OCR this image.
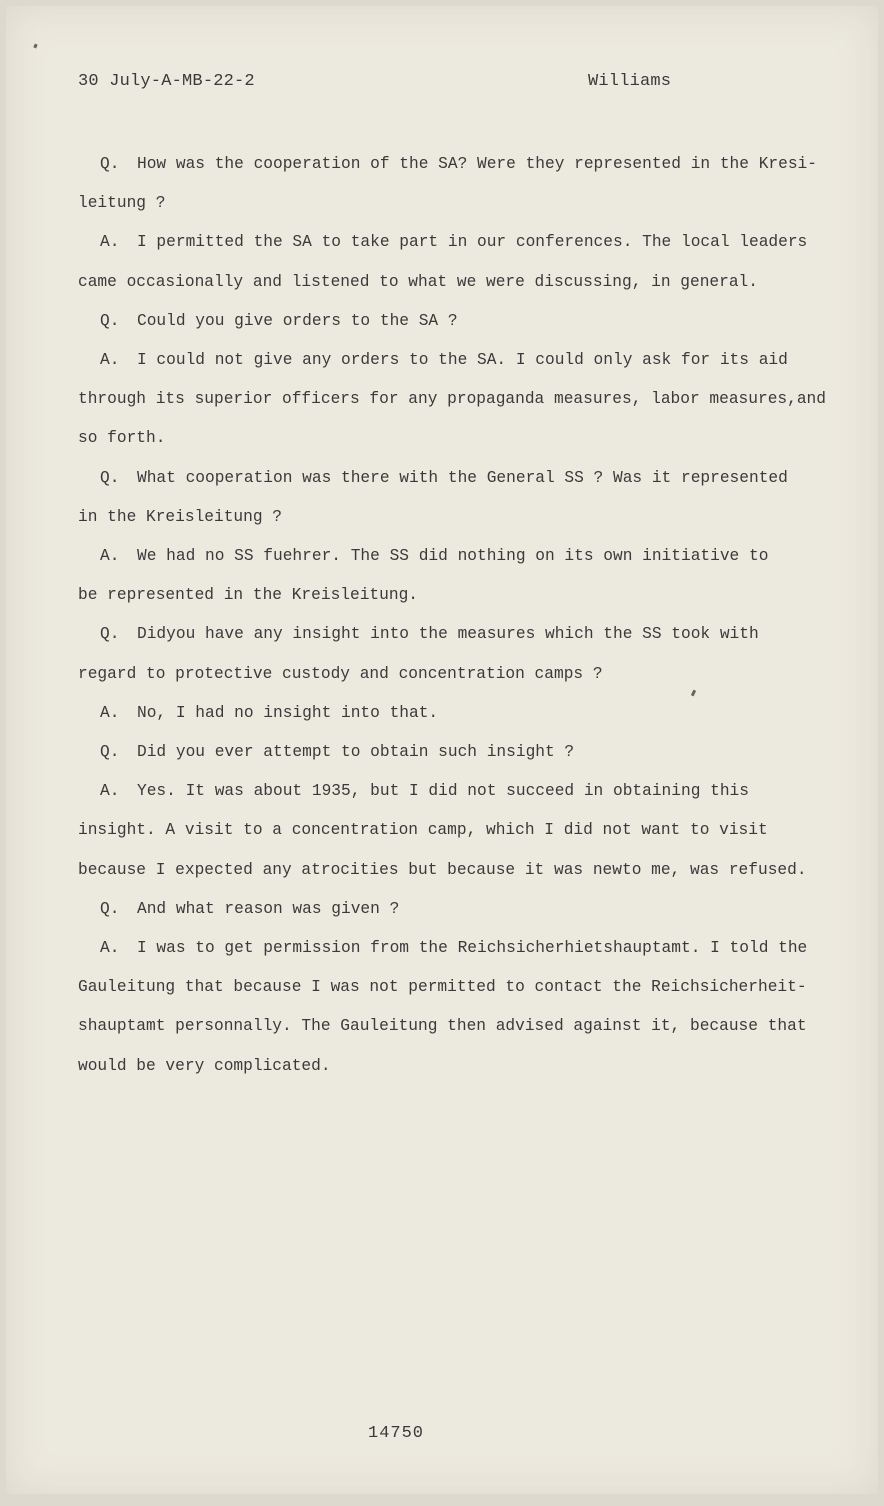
30 July-A-MB-22-2	Williams
Q. How was the cooperation of the SA? Were they represented in the Kresi-
leitung ?
A. I permitted the SA to take part in our conferences. The local leaders
came occasionally and listened to what we were discussing, in general.
Q. Could you give orders to the SA ?
A. I could not give any orders to the SA. I could only ask for its aid
through its superior officers for any propaganda measures, labor measures,and
so forth.
Q. What cooperation was there with the General SS ? Was it represented
in the Kreisleitung ?
A. We had no SS fuehrer. The SS did nothing on its own initiative to
be represented in the Kreisleitung.
Q. Didyou have any insight into the measures which the SS took with
regard to protective custody and concentration camps ?
A. No, I had no insight into that.
Q. Did you ever attempt to obtain such insight ?
A. Yes. It was about 1935, but I did not succeed in obtaining this
insight. A visit to a concentration camp, which I did not want to visit
because I expected any atrocities but because it was newto me, was refused.
Q. And what reason was given ?
A. I was to get permission from the Reichsicherhietshauptamt. I told the
Gauleitung that because I was not permitted to contact the Reichsicherheit-
shauptamt personnally. The Gauleitung then advised against it, because that
would be very complicated.
14750
